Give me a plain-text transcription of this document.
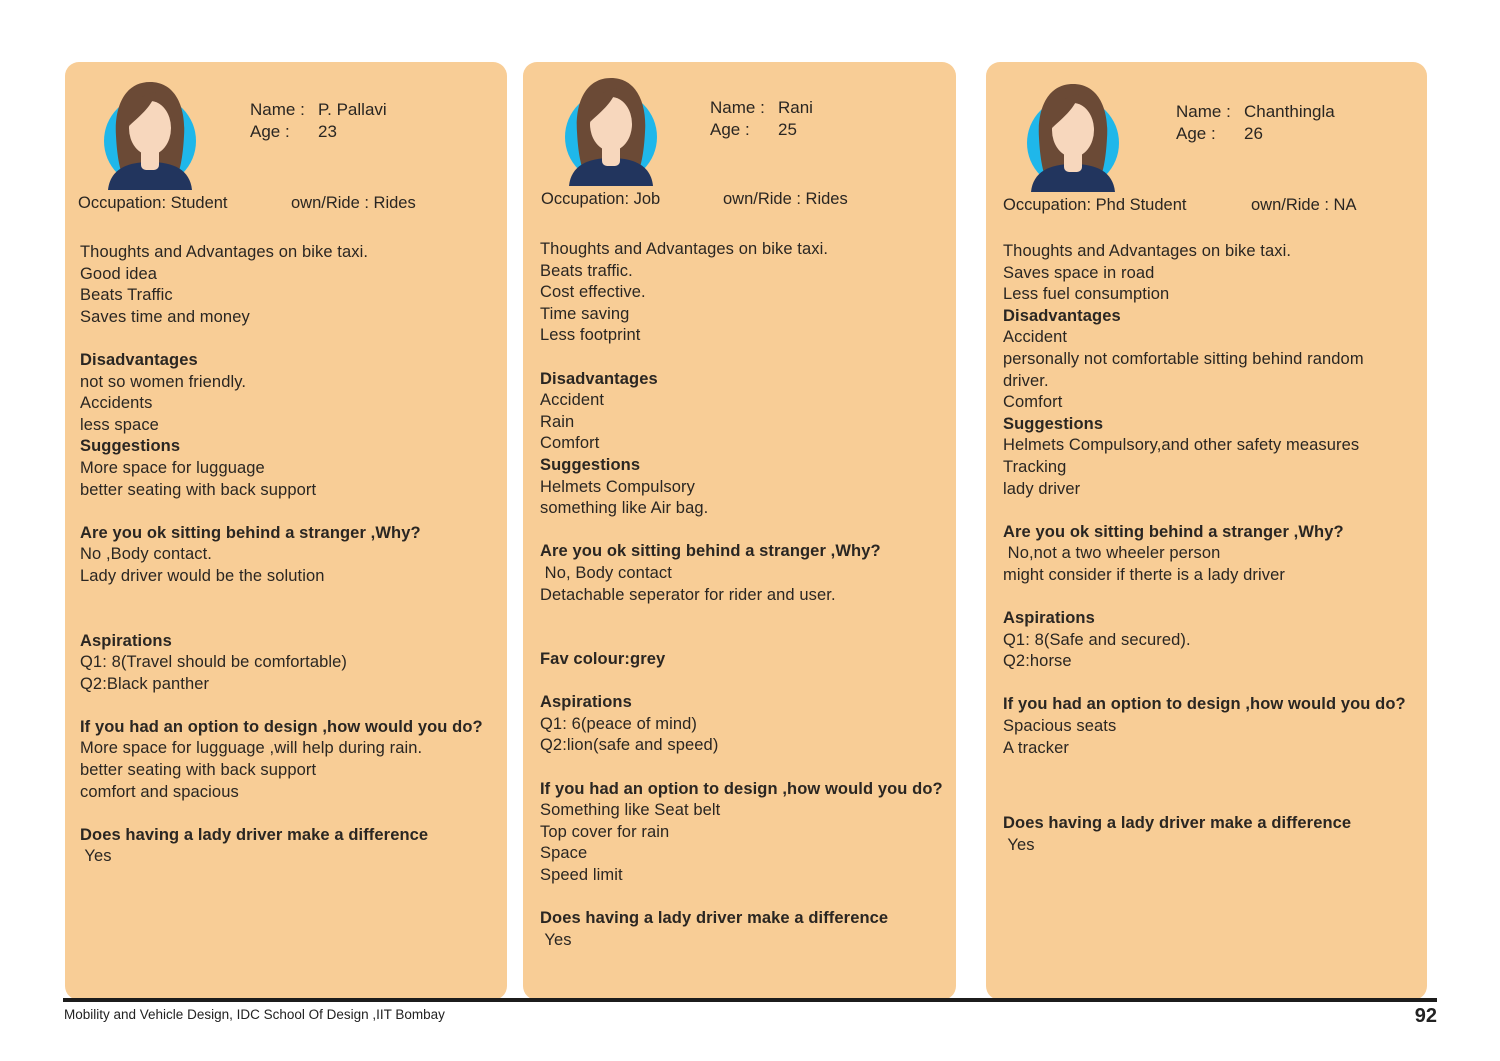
Name : P. Pallavi
Age : 23
Occupation: Student	own/Ride : Rides
Thoughts and Advantages on bike taxi.
Good idea
Beats Traffic
Saves time and money
Disadvantages
not so women friendly.
Accidents
less space
Suggestions
More space for lugguage
better seating with back support
Are you ok sitting behind a stranger ,Why?
No ,Body contact.
Lady driver would be the solution
Aspirations
Q1: 8(Travel should be comfortable)
Q2:Black panther
If you had an option to design ,how would you do?
More space for lugguage ,will help during rain.
better seating with back support
comfort and spacious
Does having a lady driver make a difference
Yes
Name : Rani
Age : 25
Occupation: Job	own/Ride : Rides
Thoughts and Advantages on bike taxi.
Beats traffic.
Cost effective.
Time saving
Less footprint
Disadvantages
Accident
Rain
Comfort
Suggestions
Helmets Compulsory
something like Air bag.
Are you ok sitting behind a stranger ,Why?
No, Body contact
Detachable seperator for rider and user.
Fav colour:grey
Aspirations
Q1: 6(peace of mind)
Q2:lion(safe and speed)
If you had an option to design ,how would you do?
Something like Seat belt
Top cover for rain
Space
Speed limit
Does having a lady driver make a difference
Yes
Name : Chanthingla
Age : 26
Occupation: Phd Student	own/Ride : NA
Thoughts and Advantages on bike taxi.
Saves space in road
Less fuel consumption
Disadvantages
Accident
personally not comfortable sitting behind random
driver.
Comfort
Suggestions
Helmets Compulsory,and other safety measures
Tracking
lady driver
Are you ok sitting behind a stranger ,Why?
No,not a two wheeler person
might consider if therte is a lady driver
Aspirations
Q1: 8(Safe and secured).
Q2:horse
If you had an option to design ,how would you do?
Spacious seats
A tracker
Does having a lady driver make a difference
Yes
Mobility and Vehicle Design, IDC School Of Design ,IIT Bombay	92
